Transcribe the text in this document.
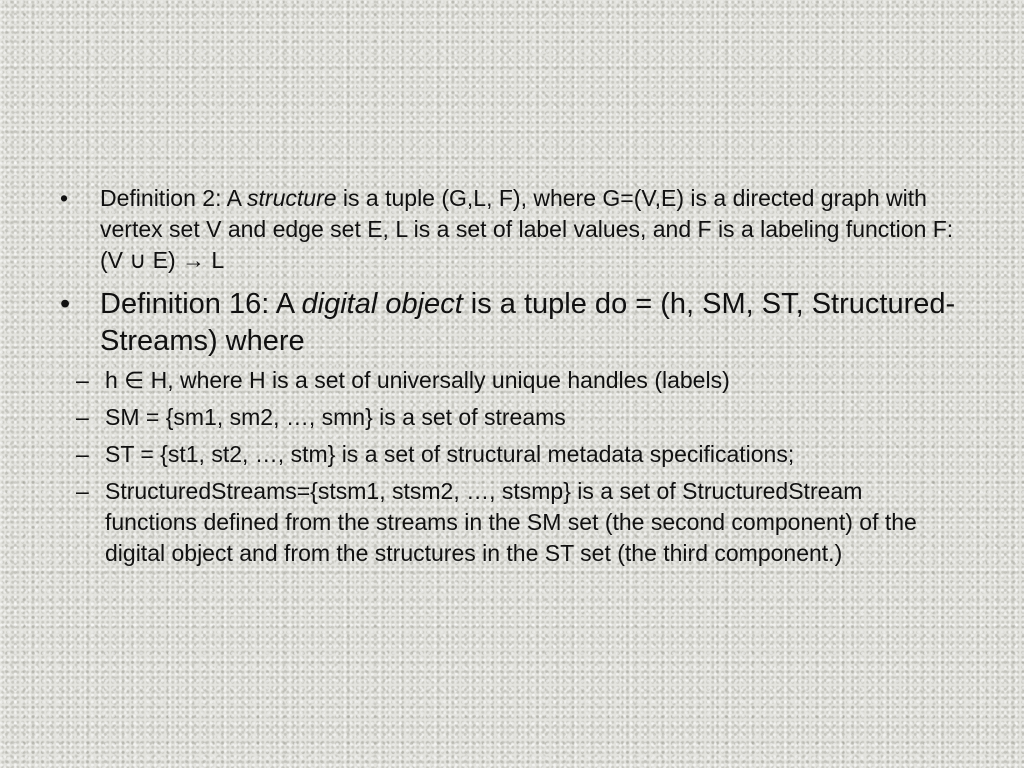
• Definition 2: A structure is a tuple (G,L, F), where G=(V,E) is a directed graph with vertex set V and edge set E, L is a set of label values, and F is a labeling function F: (V ∪ E) → L
• Definition 16: A digital object is a tuple do = (h, SM, ST, Structured-Streams) where
– h ∈ H, where H is a set of universally unique handles (labels)
– SM = {sm1, sm2, …, smn} is a set of streams
– ST = {st1, st2, …, stm} is a set of structural metadata specifications;
– StructuredStreams={stsm1, stsm2, …, stsmp} is a set of StructuredStream functions defined from the streams in the SM set (the second component) of the digital object and from the structures in the ST set (the third component.)
